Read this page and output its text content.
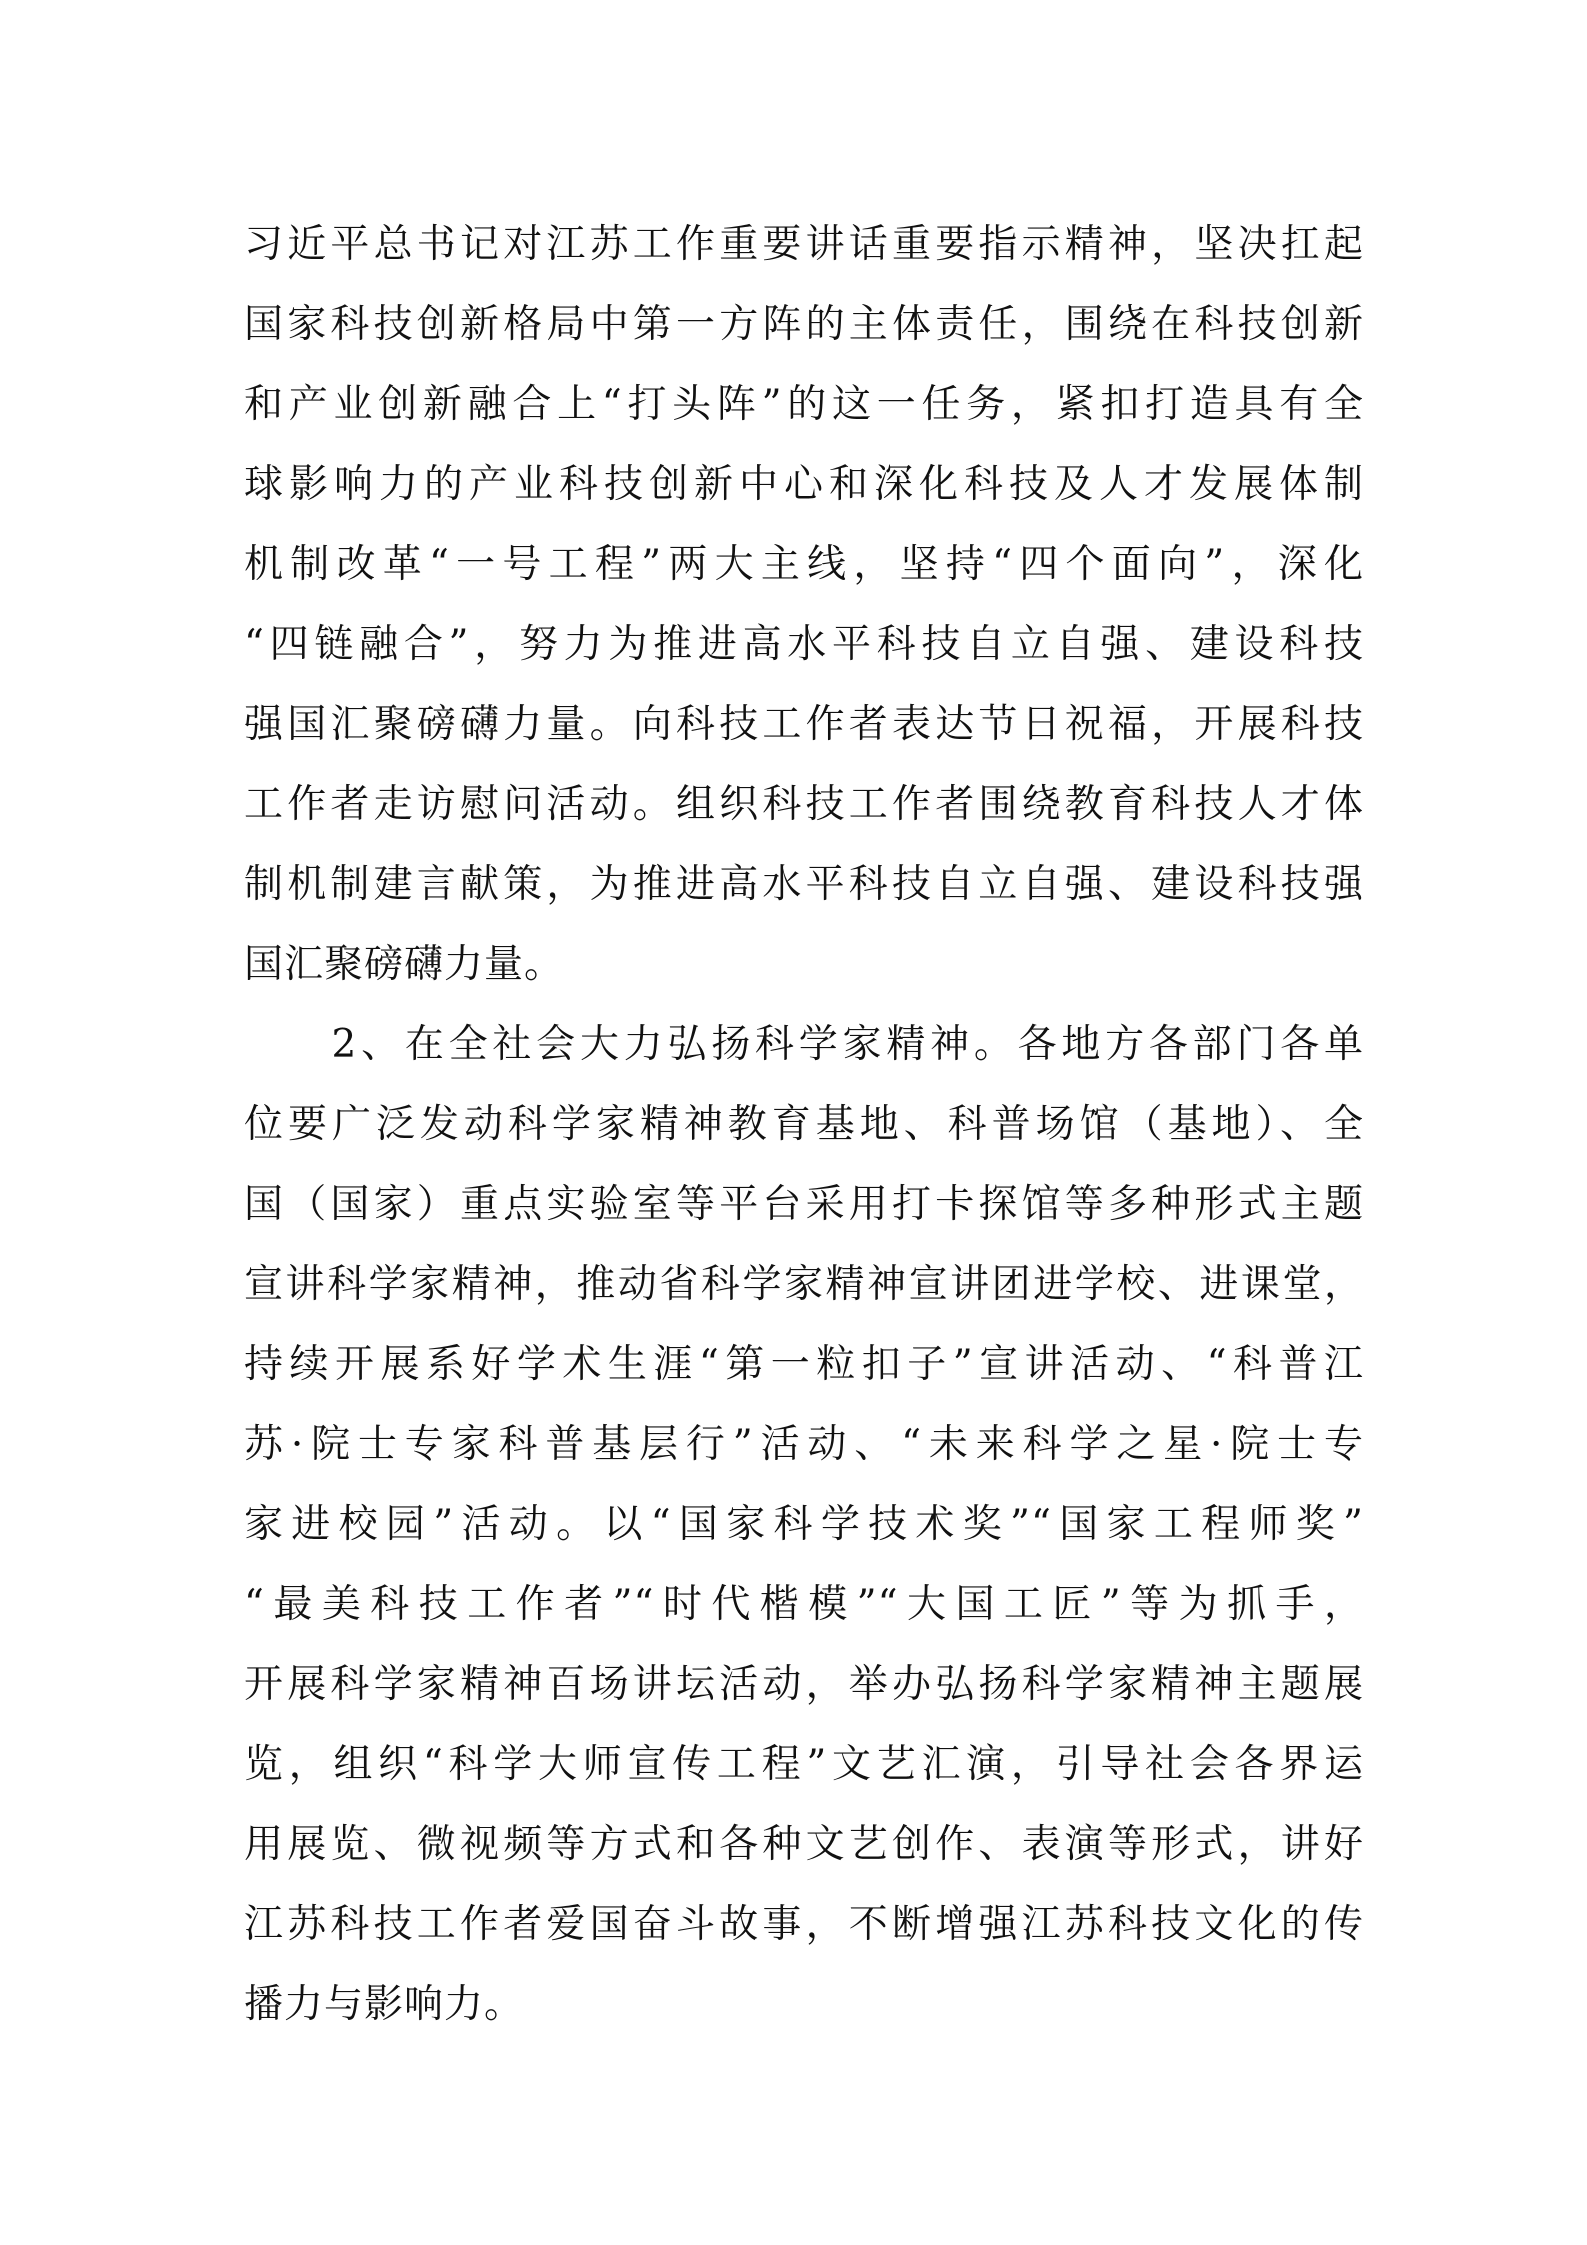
习近平总书记对江苏工作重要讲话重要指示精神，坚决扛起
国家科技创新格局中第一方阵的主体责任，围绕在科技创新
和产业创新融合上“打头阵”的这一任务，紧扣打造具有全
球影响力的产业科技创新中心和深化科技及人才发展体制
机制改革“一号工程”两大主线，坚持“四个面向”，深化
“四链融合”，努力为推进高水平科技自立自强、建设科技
强国汇聚磅礴力量。向科技工作者表达节日祝福，开展科技
工作者走访慰问活动。组织科技工作者围绕教育科技人才体
制机制建言献策，为推进高水平科技自立自强、建设科技强
国汇聚磅礴力量。
　　2、在全社会大力弘扬科学家精神。各地方各部门各单
位要广泛发动科学家精神教育基地、科普场馆（基地）、全
国（国家）重点实验室等平台采用打卡探馆等多种形式主题
宣讲科学家精神，推动省科学家精神宣讲团进学校、进课堂，
持续开展系好学术生涯“第一粒扣子”宣讲活动、“科普江
苏·院士专家科普基层行”活动、“未来科学之星·院士专
家进校园”活动。以“国家科学技术奖”“国家工程师奖”
“最美科技工作者”“时代楷模”“大国工匠”等为抓手，
开展科学家精神百场讲坛活动，举办弘扬科学家精神主题展
览，组织“科学大师宣传工程”文艺汇演，引导社会各界运
用展览、微视频等方式和各种文艺创作、表演等形式，讲好
江苏科技工作者爱国奋斗故事，不断增强江苏科技文化的传
播力与影响力。
